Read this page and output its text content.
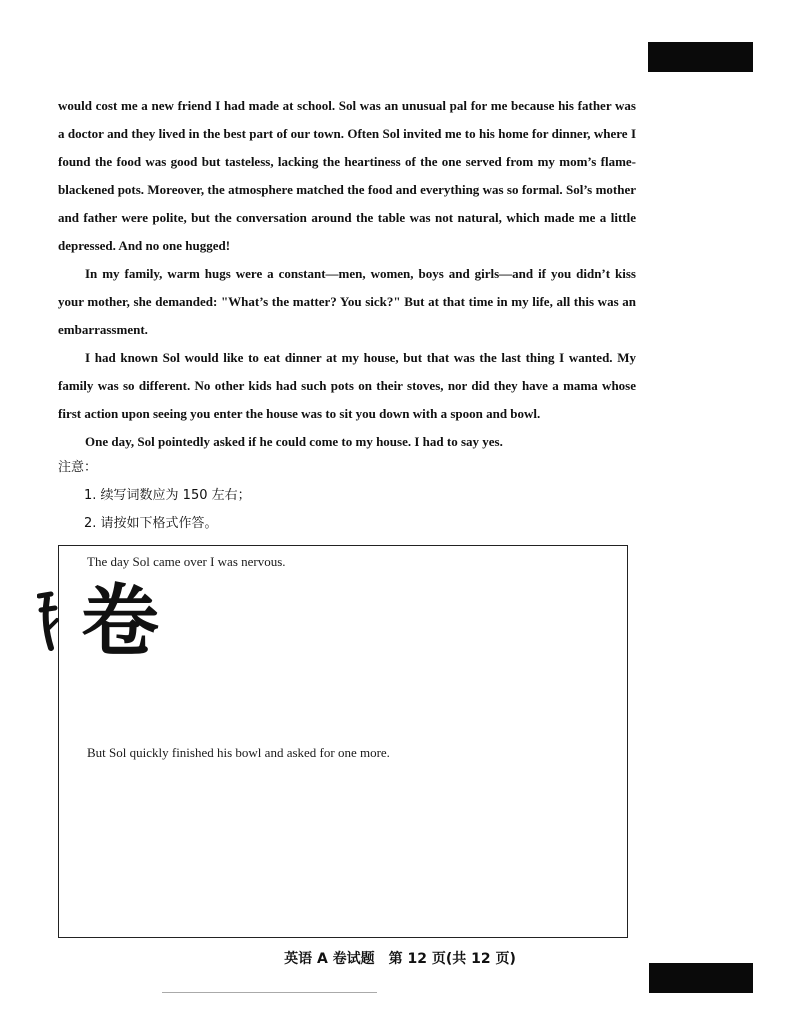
would cost me a new friend I had made at school. Sol was an unusual pal for me because his father was a doctor and they lived in the best part of our town. Often Sol invited me to his home for dinner, where I found the food was good but tasteless, lacking the heartiness of the one served from my mom’s flame-blackened pots. Moreover, the atmosphere matched the food and everything was so formal. Sol’s mother and father were polite, but the conversation around the table was not natural, which made me a little depressed. And no one hugged!

In my family, warm hugs were a constant—men, women, boys and girls—and if you didn’t kiss your mother, she demanded: "What’s the matter? You sick?" But at that time in my life, all this was an embarrassment.

I had known Sol would like to eat dinner at my house, but that was the last thing I wanted. My family was so different. No other kids had such pots on their stoves, nor did they have a mama whose first action upon seeing you enter the house was to sit you down with a spoon and bowl.

One day, Sol pointedly asked if he could come to my house. I had to say yes.

注意：
1. 续写词数应为 150 左右；
2. 请按如下格式作答。
The day Sol came over I was nervous.
卷
But Sol quickly finished his bowl and asked for one more.
英语 A 卷试题　第 12 页(共 12 页)
